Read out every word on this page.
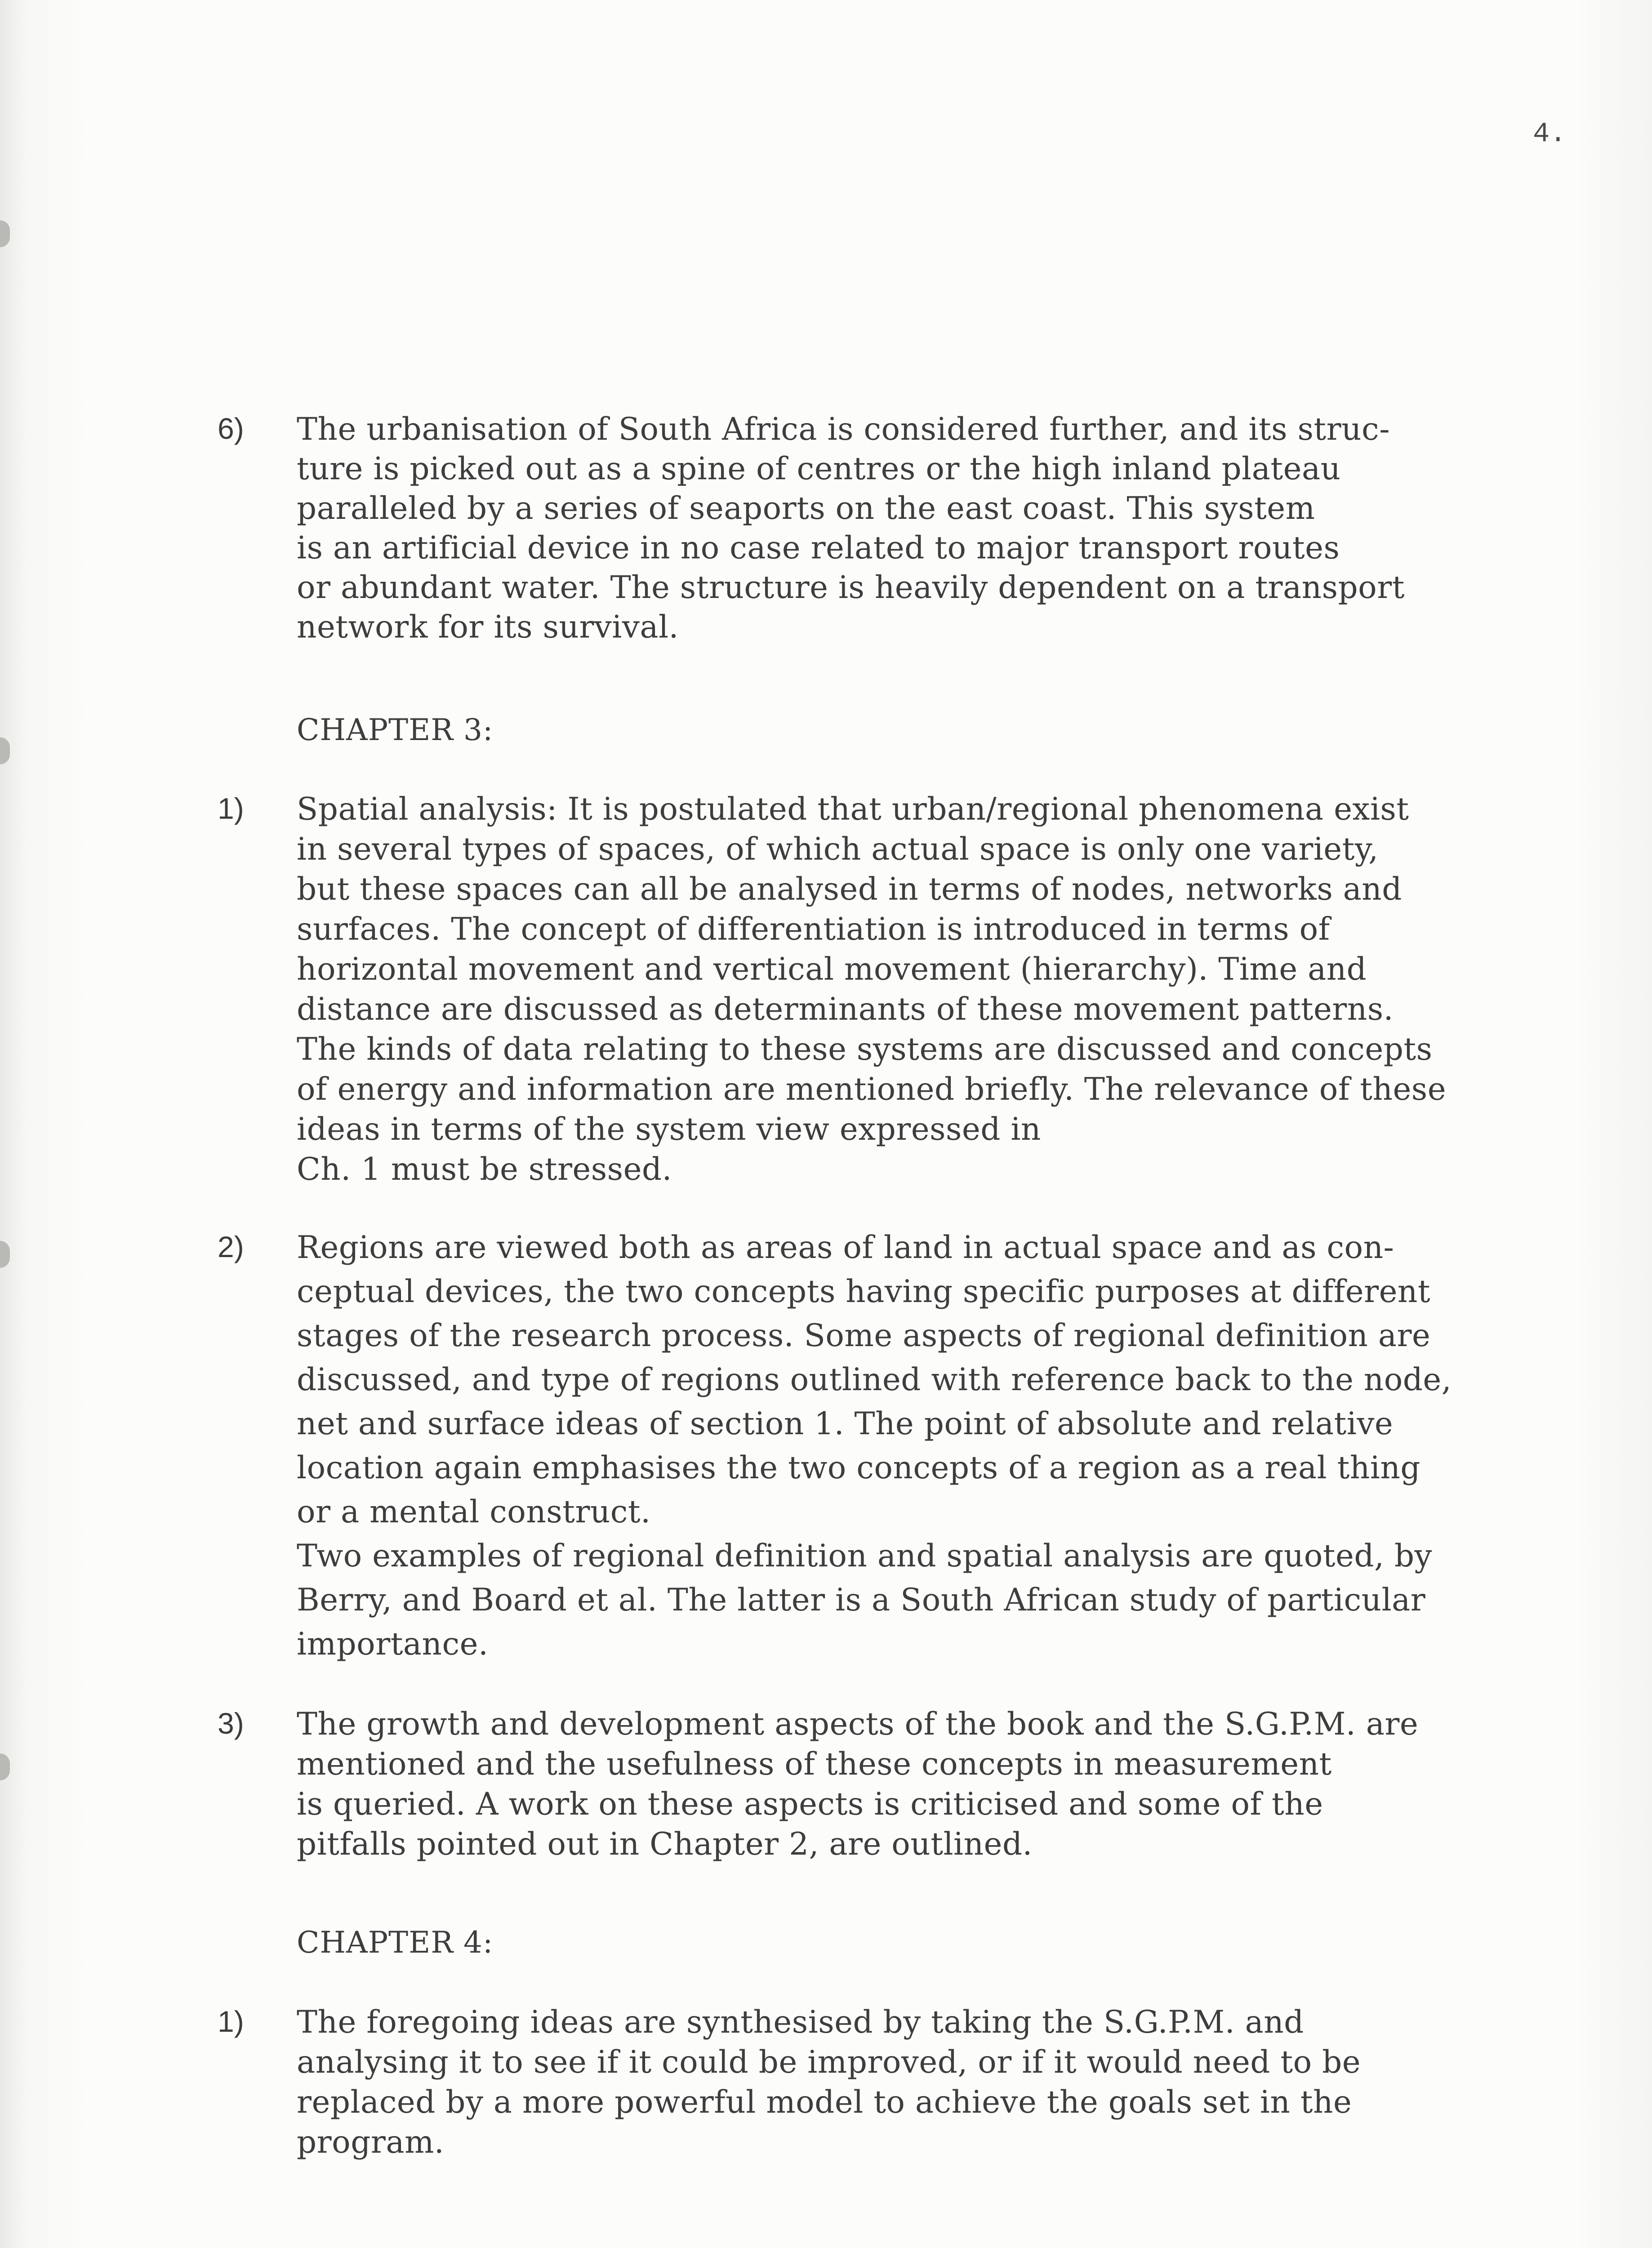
4.
6) The urbanisation of South Africa is considered further, and its struc-
ture is picked out as a spine of centres or the high inland plateau
paralleled by a series of seaports on the east coast. This system
is an artificial device in no case related to major transport routes
or abundant water. The structure is heavily dependent on a transport
network for its survival.
CHAPTER 3:
1) Spatial analysis: It is postulated that urban/regional phenomena exist
in several types of spaces, of which actual space is only one variety,
but these spaces can all be analysed in terms of nodes, networks and
surfaces. The concept of differentiation is introduced in terms of
horizontal movement and vertical movement (hierarchy). Time and
distance are discussed as determinants of these movement patterns.
The kinds of data relating to these systems are discussed and concepts
of energy and information are mentioned briefly. The relevance of these
ideas in terms of the system view expressed in
Ch. 1 must be stressed.
2) Regions are viewed both as areas of land in actual space and as con-
ceptual devices, the two concepts having specific purposes at different
stages of the research process. Some aspects of regional definition are
discussed, and type of regions outlined with reference back to the node,
net and surface ideas of section 1. The point of absolute and relative
location again emphasises the two concepts of a region as a real thing
or a mental construct.
Two examples of regional definition and spatial analysis are quoted, by
Berry, and Board et al. The latter is a South African study of particular
importance.
3) The growth and development aspects of the book and the S.G.P.M. are
mentioned and the usefulness of these concepts in measurement
is queried. A work on these aspects is criticised and some of the
pitfalls pointed out in Chapter 2, are outlined.
CHAPTER 4:
1) The foregoing ideas are synthesised by taking the S.G.P.M. and
analysing it to see if it could be improved, or if it would need to be
replaced by a more powerful model to achieve the goals set in the
program.
